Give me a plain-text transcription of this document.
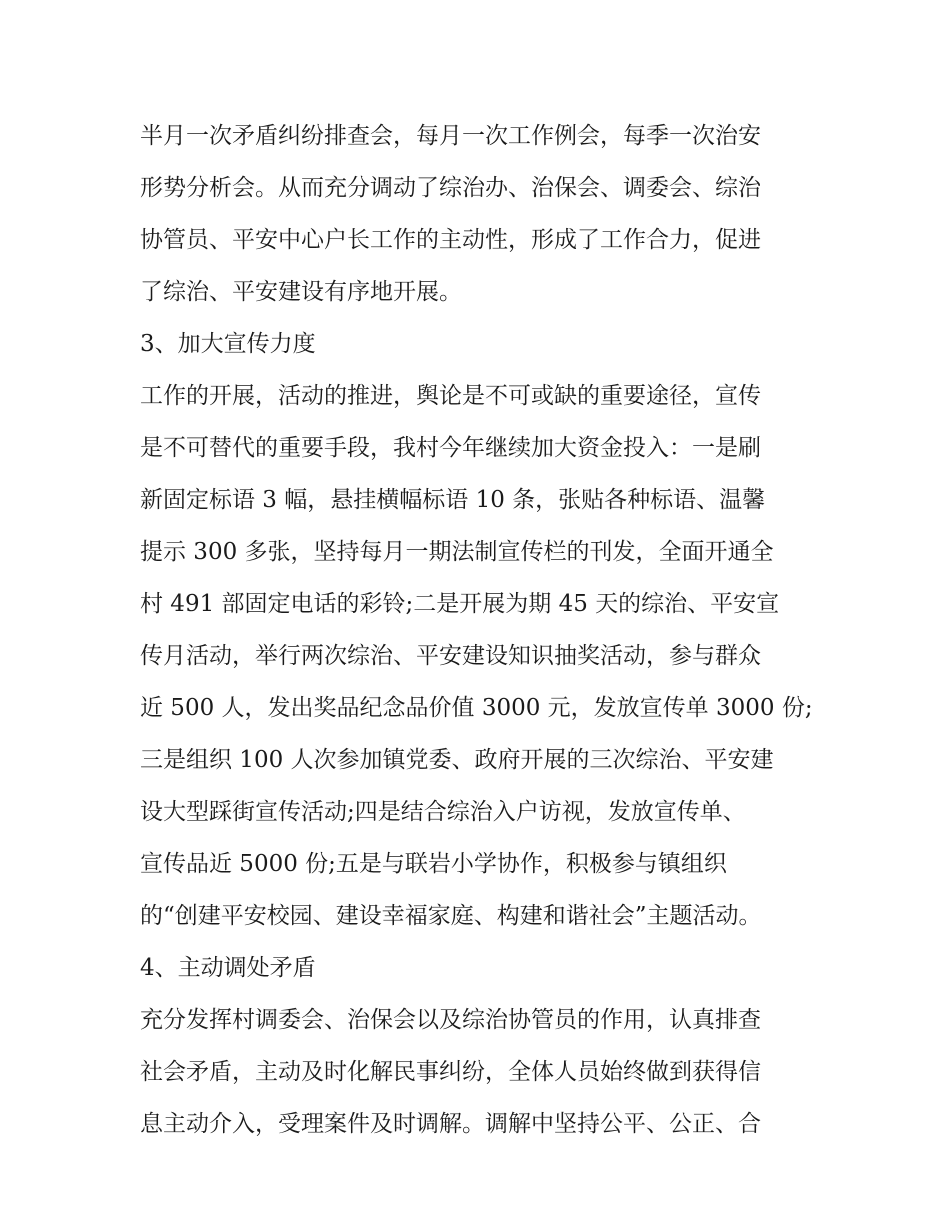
半月一次矛盾纠纷排查会，每月一次工作例会，每季一次治安
形势分析会。从而充分调动了综治办、治保会、调委会、综治
协管员、平安中心户长工作的主动性，形成了工作合力，促进
了综治、平安建设有序地开展。
3、加大宣传力度
工作的开展，活动的推进，舆论是不可或缺的重要途径，宣传
是不可替代的重要手段，我村今年继续加大资金投入：一是刷
新固定标语 3 幅，悬挂横幅标语 10 条，张贴各种标语、温馨
提示 300 多张，坚持每月一期法制宣传栏的刊发，全面开通全
村 491 部固定电话的彩铃;二是开展为期 45 天的综治、平安宣
传月活动，举行两次综治、平安建设知识抽奖活动，参与群众
近 500 人，发出奖品纪念品价值 3000 元，发放宣传单 3000 份;
三是组织 100 人次参加镇党委、政府开展的三次综治、平安建
设大型踩街宣传活动;四是结合综治入户访视，发放宣传单、
宣传品近 5000 份;五是与联岩小学协作，积极参与镇组织
的“创建平安校园、建设幸福家庭、构建和谐社会”主题活动。
4、主动调处矛盾
充分发挥村调委会、治保会以及综治协管员的作用，认真排查
社会矛盾，主动及时化解民事纠纷，全体人员始终做到获得信
息主动介入，受理案件及时调解。调解中坚持公平、公正、合
